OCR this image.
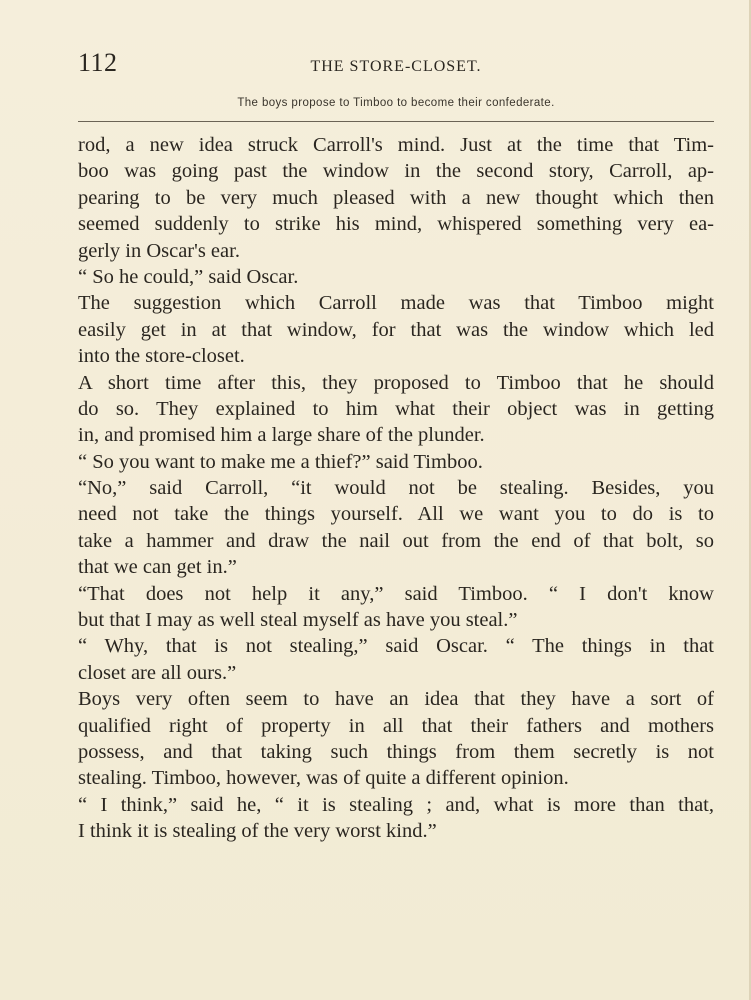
112	THE STORE-CLOSET.
The boys propose to Timboo to become their confederate.
rod, a new idea struck Carroll's mind. Just at the time that Tim-
boo was going past the window in the second story, Carroll, ap-
pearing to be very much pleased with a new thought which then
seemed suddenly to strike his mind, whispered something very ea-
gerly in Oscar's ear.
“ So he could,” said Oscar.
The suggestion which Carroll made was that Timboo might
easily get in at that window, for that was the window which led
into the store-closet.
A short time after this, they proposed to Timboo that he should
do so. They explained to him what their object was in getting
in, and promised him a large share of the plunder.
“ So you want to make me a thief?” said Timboo.
“No,” said Carroll, “it would not be stealing. Besides, you
need not take the things yourself. All we want you to do is to
take a hammer and draw the nail out from the end of that bolt, so
that we can get in.”
“That does not help it any,” said Timboo. “ I don't know
but that I may as well steal myself as have you steal.”
“ Why, that is not stealing,” said Oscar. “ The things in that
closet are all ours.”
Boys very often seem to have an idea that they have a sort of
qualified right of property in all that their fathers and mothers
possess, and that taking such things from them secretly is not
stealing. Timboo, however, was of quite a different opinion.
“ I think,” said he, “ it is stealing ; and, what is more than that,
I think it is stealing of the very worst kind.”
